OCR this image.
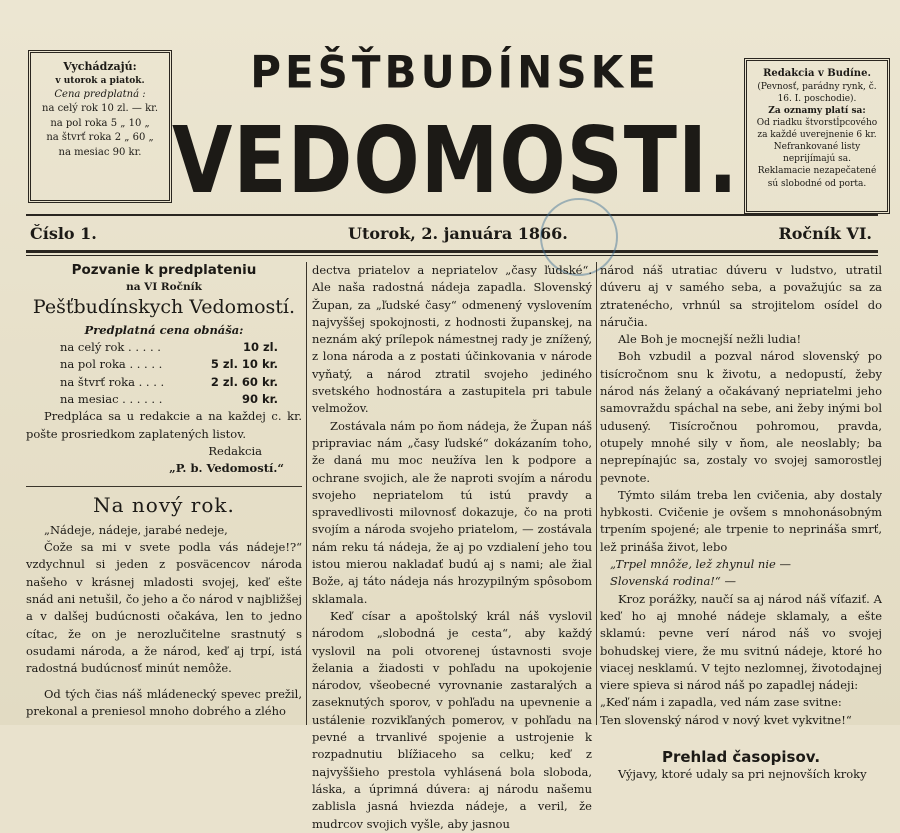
Vychádzajú:
v utorok a piatok.
Cena predplatná :
na celý rok 10 zl. — kr.
na pol roka 5 „ 10 „
na štvrť roka 2 „ 60 „
na mesiac 90 kr.
PEŠŤBUDÍNSKE
VEDOMOSTI.
Redakcia v Budíne.
(Pevnosť, parádny rynk, č. 16. I. poschodie).
Za oznamy platí sa:
Od riadku štvorstĺpcového za každé uverejnenie 6 kr.
Nefrankované listy neprijímajú sa.
Reklamacie nezapečatené sú slobodné od porta.
Číslo 1.	Utorok, 2. januára 1866.	Ročník VI.
Pozvanie k predplateniu
na VI Ročník
Pešťbudínskych Vedomostí.
Predplatná cena obnáša:
na celý rok . . . . .	10 zl.
na pol roka . . . . .	5 zl. 10 kr.
na štvrť roka . . . .	2 zl. 60 kr.
na mesiac . . . . . .	90 kr.
Predpláca sa u redakcie a na každej c. kr. pošte prosriedkom zaplatených listov.
Redakcia
„P. b. Vedomostí.“
Na nový rok.
„Nádeje, nádeje, jarabé nedeje,
Čože sa mi v svete podla vás nádeje!?“ vzdychnul si jeden z posväcencov národa našeho v krásnej mladosti svojej, keď ešte snád ani netušil, čo jeho a čo národ v najbližšej a v dalšej budúcnosti očakáva, len to jedno cítac, že on je nerozlučitelne srastnutý s osudami národa, a že národ, keď aj trpí, istá radostná budúcnosť minút nemôže.
Od tých čias náš mládenecký spevec prežil, prekonal a preniesol mnoho dobrého a zlého
dectva priatelov a nepriatelov „časy ľudské“. Ale naša radostná nádeja zapadla. Slovenský Župan, za „ľudské časy“ odmenený vyslovením najvyššej spokojnosti, z hodnosti županskej, na neznám aký prílepok námestnej rady je znížený, z lona národa a z postati účinkovania v národe vyňatý, a národ ztratil svojeho jediného svetského hodnostára a zastupitela pri tabule velmožov.
Zostávala nám po ňom nádeja, že Župan náš pripraviac nám „časy ľudské“ dokázaním toho, že daná mu moc neužíva len k podpore a ochrane svojich, ale že naproti svojím a národu svojeho nepriatelom tú istú pravdy a spravedlivosti milovnosť dokazuje, čo na proti svojím a národa svojeho priatelom, — zostávala nám reku tá nádeja, že aj po vzdialení jeho tou istou mierou nakladať budú aj s nami; ale žial Bože, aj táto nádeja nás hrozypilným spôsobom sklamala.
Keď císar a apoštolský král náš vyslovil národom „slobodná je cesta“, aby každý vyslovil na poli otvorenej ústavnosti svoje želania a žiadosti v pohľadu na upokojenie národov, všeobecné vyrovnanie zastaralých a zaseknutých sporov, v pohľadu na upevnenie a ustálenie rozvikľaných pomerov, v pohľadu na pevné a trvanlivé spojenie a ustrojenie k rozpadnutiu blížiaceho sa celku; keď z najvyššieho prestola vyhlásená bola sloboda, láska, a úprimná dúvera: aj národu našemu zablisla jasná hviezda nádeje, a veril, že mudrcov svojich vyšle, aby jasnou
národ náš utratiac dúveru v ludstvo, utratil dúveru aj v samého seba, a považujúc sa za ztratenécho, vrhnúl sa strojitelom osídel do náručia.
Ale Boh je mocnejší nežli ludia!
Boh vzbudil a pozval národ slovenský po tisícročnom snu k životu, a nedopustí, žeby národ nás želaný a očakávaný nepriatelmi jeho samovraždu spáchal na sebe, ani žeby inými bol udusený. Tisícročnou pohromou, pravda, otupely mnohé sily v ňom, ale neoslably; ba neprepínajúc sa, zostaly vo svojej samorostlej pevnote.
Týmto silám treba len cvičenia, aby dostaly hybkosti. Cvičenie je ovšem s mnohonásobným trpením spojené; ale trpenie to neprináša smrť, lež prináša život, lebo
„Trpel mnôže, lež zhynul nie —
Slovenská rodina!“ —
Kroz porážky, naučí sa aj národ náš víťaziť. A keď ho aj mnohé nádeje sklamaly, a ešte sklamú: pevne verí národ náš vo svojej bohudskej viere, že mu svitnú nádeje, ktoré ho viacej nesklamú. V tejto nezlomnej, životodajnej viere spieva si národ náš po zapadlej nádeji:
„Keď nám i zapadla, ved nám zase svitne:
Ten slovenský národ v nový kvet vykvitne!“
Prehlad časopisov.
Výjavy, ktoré udaly sa pri nejnovších kroky
